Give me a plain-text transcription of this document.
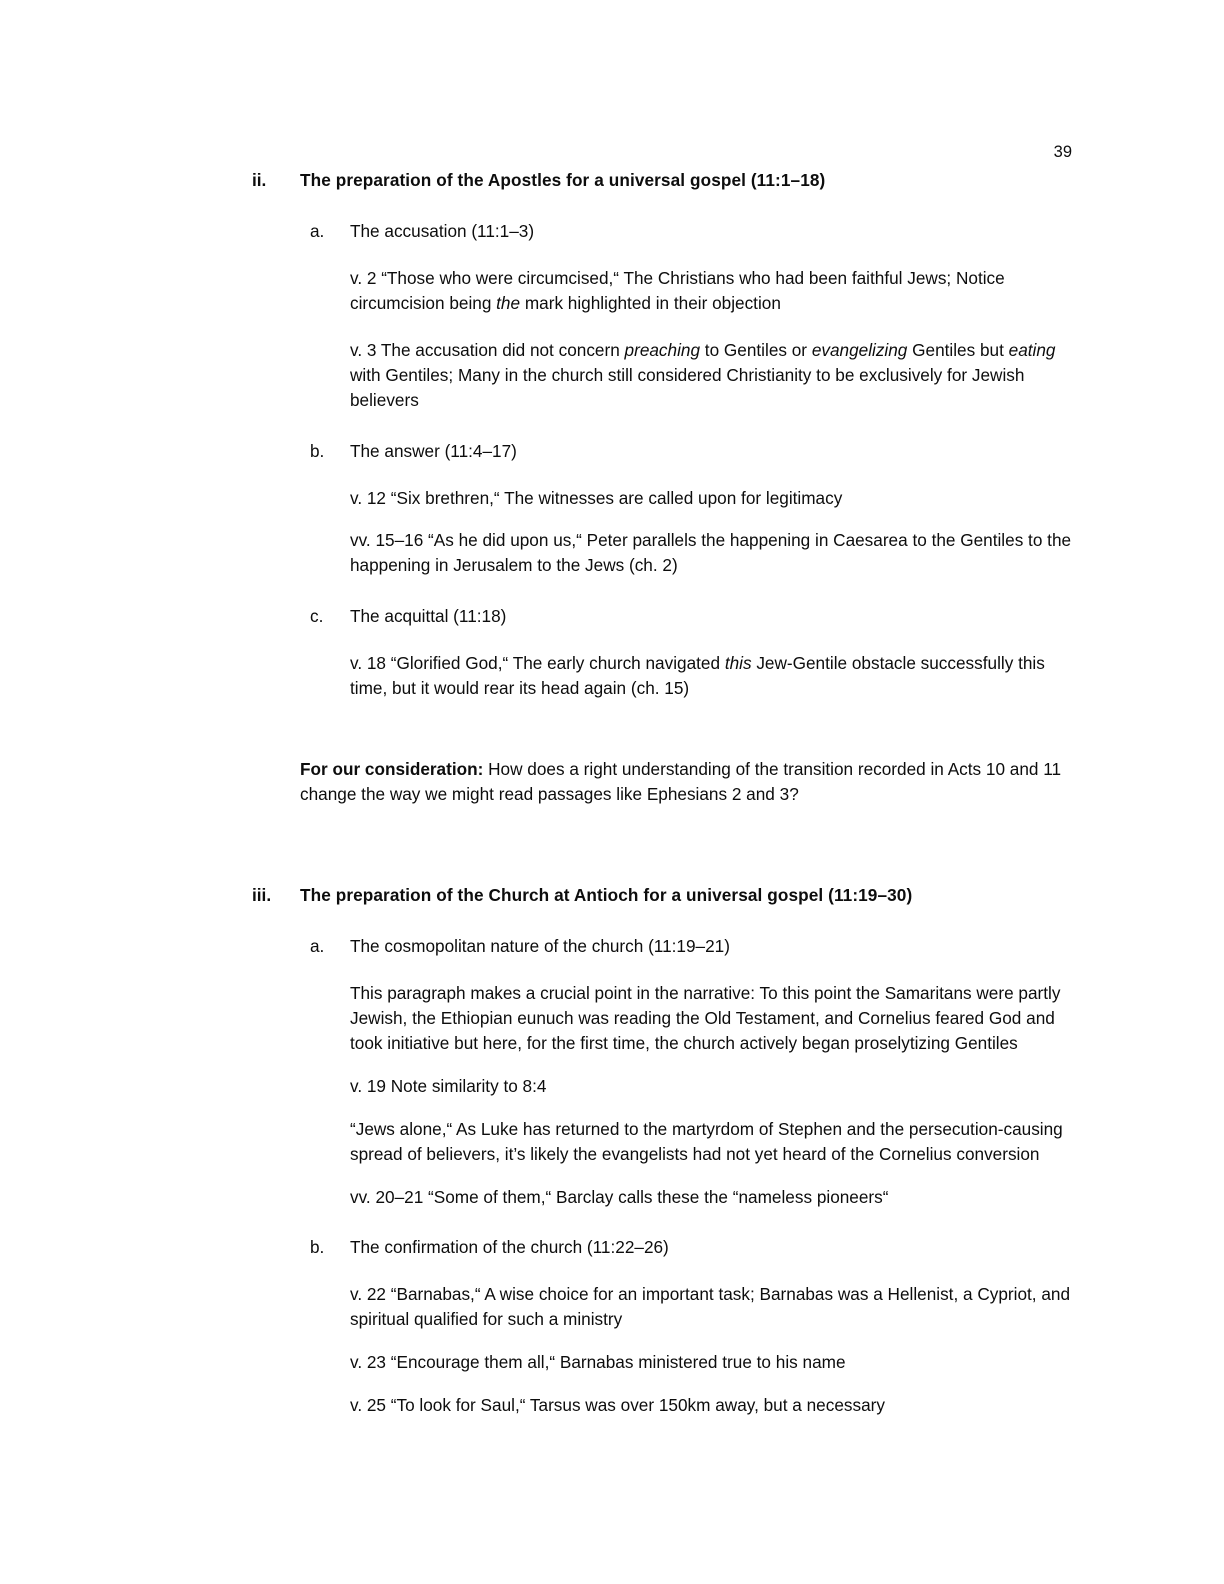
39
ii.	The preparation of the Apostles for a universal gospel (11:1–18)
a.	The accusation (11:1–3)
v. 2 “Those who were circumcised,“ The Christians who had been faithful Jews; Notice circumcision being the mark highlighted in their objection
v. 3 The accusation did not concern preaching to Gentiles or evangelizing Gentiles but eating with Gentiles; Many in the church still considered Christianity to be exclusively for Jewish believers
b.	The answer (11:4–17)
v. 12 “Six brethren,“ The witnesses are called upon for legitimacy
vv. 15–16 “As he did upon us,“ Peter parallels the happening in Caesarea to the Gentiles to the happening in Jerusalem to the Jews (ch. 2)
c.	The acquittal (11:18)
v. 18 “Glorified God,“ The early church navigated this Jew-Gentile obstacle successfully this time, but it would rear its head again (ch. 15)
For our consideration: How does a right understanding of the transition recorded in Acts 10 and 11 change the way we might read passages like Ephesians 2 and 3?
iii.	The preparation of the Church at Antioch for a universal gospel (11:19–30)
a.	The cosmopolitan nature of the church (11:19–21)
This paragraph makes a crucial point in the narrative: To this point the Samaritans were partly Jewish, the Ethiopian eunuch was reading the Old Testament, and Cornelius feared God and took initiative but here, for the first time, the church actively began proselytizing Gentiles
v. 19 Note similarity to 8:4
“Jews alone,“ As Luke has returned to the martyrdom of Stephen and the persecution-causing spread of believers, it’s likely the evangelists had not yet heard of the Cornelius conversion
vv. 20–21 “Some of them,“ Barclay calls these the “nameless pioneers“
b.	The confirmation of the church (11:22–26)
v. 22 “Barnabas,“ A wise choice for an important task; Barnabas was a Hellenist, a Cypriot, and spiritual qualified for such a ministry
v. 23 “Encourage them all,“ Barnabas ministered true to his name
v. 25 “To look for Saul,“ Tarsus was over 150km away, but a necessary
